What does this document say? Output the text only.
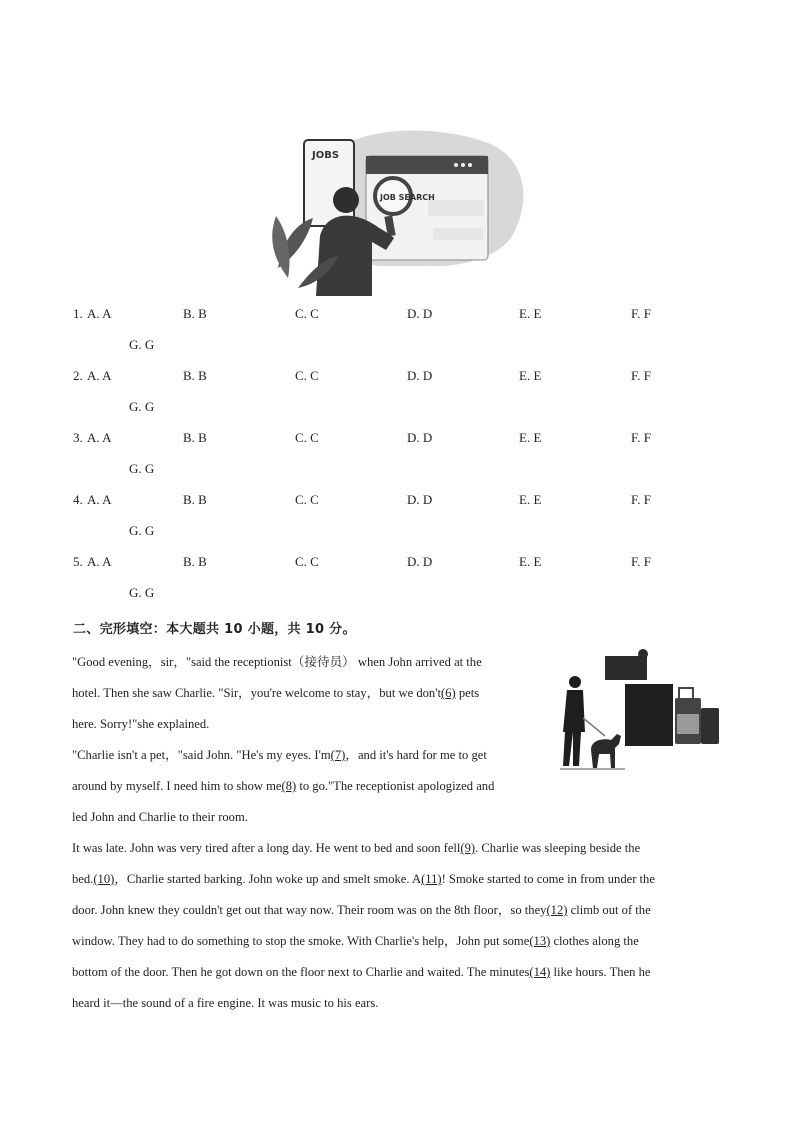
JOBS
JOB SEARCH
1. A. A	B. B	C. C	D. D	E. E	F. F
G. G
2. A. A	B. B	C. C	D. D	E. E	F. F
G. G
3. A. A	B. B	C. C	D. D	E. E	F. F
G. G
4. A. A	B. B	C. C	D. D	E. E	F. F
G. G
5. A. A	B. B	C. C	D. D	E. E	F. F
G. G
二、完形填空：本大题共 10 小题，共 10 分。
"Good evening，sir，"said the receptionist（接待员） when John arrived at the
hotel. Then she saw Charlie. "Sir，you're welcome to stay，but we don't(6) pets
here. Sorry!"she explained.
"Charlie isn't a pet，"said John. "He's my eyes. I'm(7)，and it's hard for me to get
around by myself. I need him to show me(8) to go."The receptionist apologized and
led John and Charlie to their room.
It was late. John was very tired after a long day. He went to bed and soon fell(9). Charlie was sleeping beside the
bed.(10)，Charlie started barking. John woke up and smelt smoke. A(11)! Smoke started to come in from under the
door. John knew they couldn't get out that way now. Their room was on the 8th floor，so they(12) climb out of the
window. They had to do something to stop the smoke. With Charlie's help，John put some(13) clothes along the
bottom of the door. Then he got down on the floor next to Charlie and waited. The minutes(14) like hours. Then he
heard it—the sound of a fire engine. It was music to his ears.
